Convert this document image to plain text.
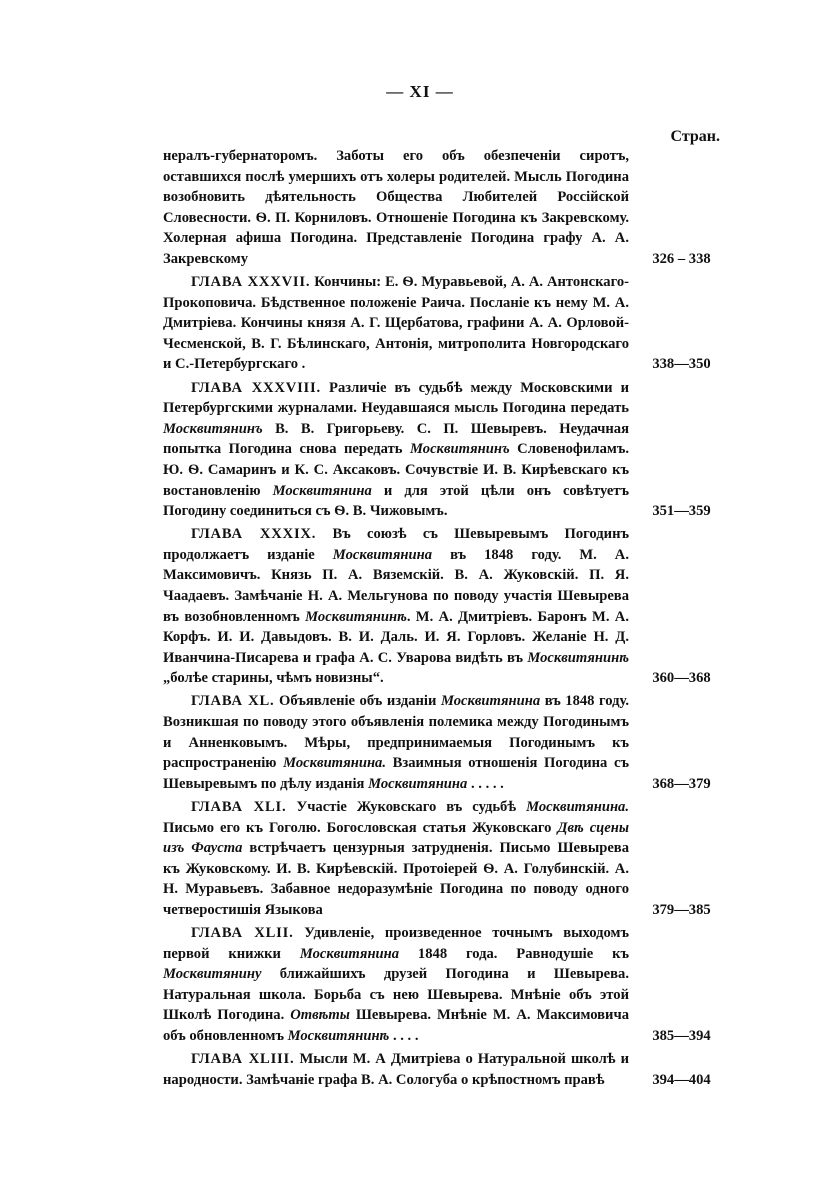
— XI —
Стран.
нералъ-губернаторомъ. Заботы его объ обезпеченіи сиротъ, оставшихся послѣ умершихъ отъ холеры родителей. Мысль Погодина возобновить дѣятельность Общества Любителей Россійской Словесности. Ѳ. П. Корниловъ. Отношеніе Погодина къ Закревскому. Холерная афиша Погодина. Представленіе Погодина графу А. А. Закревскому	326 – 338
ГЛАВА XXXVII. Кончины: Е. Ѳ. Муравьевой, А. А. Антонскаго-Прокоповича. Бѣдственное положеніе Раича. Посланіе къ нему М. А. Дмитріева. Кончины князя А. Г. Щербатова, графини А. А. Орловой-Чесменской, В. Г. Бѣлинскаго, Антонія, митрополита Новгородскаго и С.-Петербургскаго .	338—350
ГЛАВА XXXVIII. Различіе въ судьбѣ между Московскими и Петербургскими журналами. Неудавшаяся мысль Погодина передать Москвитянинъ В. В. Григорьеву. С. П. Шевыревъ. Неудачная попытка Погодина снова передать Москвитянинъ Словенофиламъ. Ю. Ѳ. Самаринъ и К. С. Аксаковъ. Сочувствіе И. В. Кирѣевскаго къ востановленію Москвитянина и для этой цѣли онъ совѣтуетъ Погодину соединиться съ Ѳ. В. Чижовымъ.	351—359
ГЛАВА XXXIX. Въ союзѣ съ Шевыревымъ Погодинъ продолжаетъ изданіе Москвитянина въ 1848 году. М. А. Максимовичъ. Князь П. А. Вяземскій. В. А. Жуковскій. П. Я. Чаадаевъ. Замѣчаніе Н. А. Мельгунова по поводу участія Шевырева въ возобновленномъ Москвитянинѣ. М. А. Дмитріевъ. Баронъ М. А. Корфъ. И. И. Давыдовъ. В. И. Даль. И. Я. Горловъ. Желаніе Н. Д. Иванчина-Писарева и графа А. С. Уварова видѣть въ Москвитянинѣ „болѣе старины, чѣмъ новизны“.	360—368
ГЛАВА XL. Объявленіе объ изданіи Москвитянина въ 1848 году. Возникшая по поводу этого объявленія полемика между Погодинымъ и Анненковымъ. Мѣры, предпринимаемыя Погодинымъ къ распространенію Москвитянина. Взаимныя отношенія Погодина съ Шевыревымъ по дѣлу изданія Москвитянина . . . . .	368—379
ГЛАВА XLI. Участіе Жуковскаго въ судьбѣ Москвитянина. Письмо его къ Гоголю. Богословская статья Жуковскаго Двѣ сцены изъ Фауста встрѣчаетъ цензурныя затрудненія. Письмо Шевырева къ Жуковскому. И. В. Кирѣевскій. Протоіерей Ѳ. А. Голубинскій. А. Н. Муравьевъ. Забавное недоразумѣніе Погодина по поводу одного четверостишія Языкова	379—385
ГЛАВА XLII. Удивленіе, произведенное точнымъ выходомъ первой книжки Москвитянина 1848 года. Равнодушіе къ Москвитянину ближайшихъ друзей Погодина и Шевырева. Натуральная школа. Борьба съ нею Шевырева. Мнѣніе объ этой Школѣ Погодина. Отвѣты Шевырева. Мнѣніе М. А. Максимовича объ обновленномъ Москвитянинѣ . . . .	385—394
ГЛАВА XLIII. Мысли М. А Дмитріева о Натуральной школѣ и народности. Замѣчаніе графа В. А. Сологуба о крѣпостномъ правѣ	394—404
